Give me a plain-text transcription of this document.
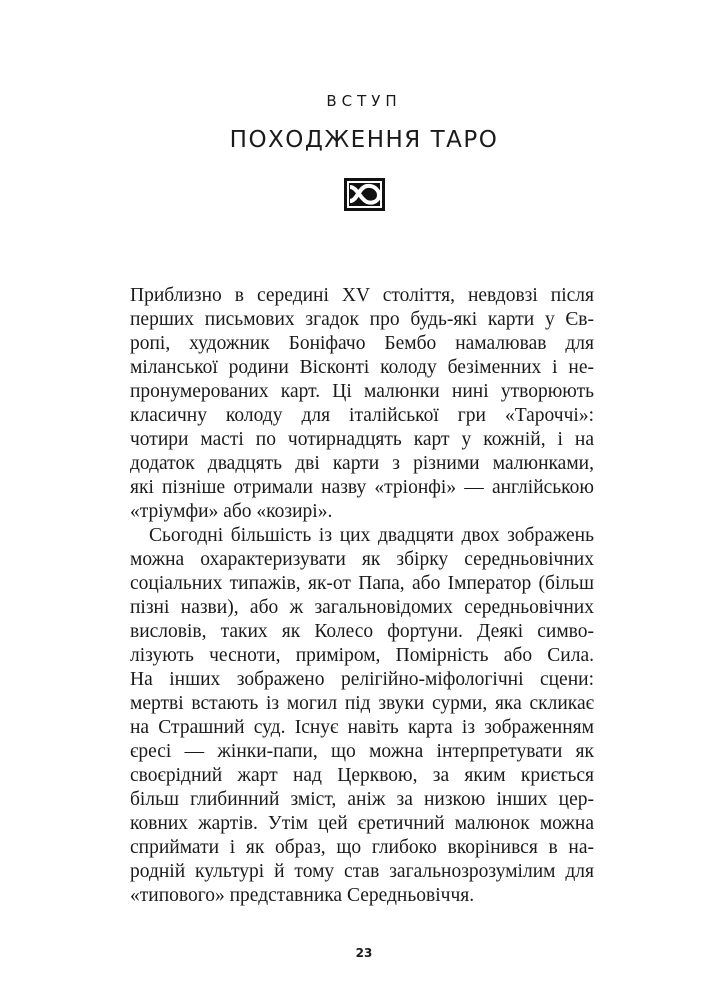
ВСТУП
ПОХОДЖЕННЯ ТАРО
Приблизно в середині XV століття, невдовзі після
перших письмових згадок про будь-які карти у Єв-
ропі, художник Боніфачо Бембо намалював для
міланської родини Вісконті колоду безіменних і не-
пронумерованих карт. Ці малюнки нині утворюють
класичну колоду для італійської гри «Тароччі»:
чотири масті по чотирнадцять карт у кожній, і на
додаток двадцять дві карти з різними малюнками,
які пізніше отримали назву «тріонфі» — англійською
«тріумфи» або «козирі».
Сьогодні більшість із цих двадцяти двох зображень
можна охарактеризувати як збірку середньовічних
соціальних типажів, як-от Папа, або Імператор (більш
пізні назви), або ж загальновідомих середньовічних
висловів, таких як Колесо фортуни. Деякі симво-
лізують чесноти, приміром, Помірність або Сила.
На інших зображено релігійно-міфологічні сцени:
мертві встають із могил під звуки сурми, яка скликає
на Страшний суд. Існує навіть карта із зображенням
єресі — жінки-папи, що можна інтерпретувати як
своєрідний жарт над Церквою, за яким криється
більш глибинний зміст, аніж за низкою інших цер-
ковних жартів. Утім цей єретичний малюнок можна
сприймати і як образ, що глибоко вкорінився в на-
родній культурі й тому став загальнозрозумілим для
«типового» представника Середньовіччя.
23
